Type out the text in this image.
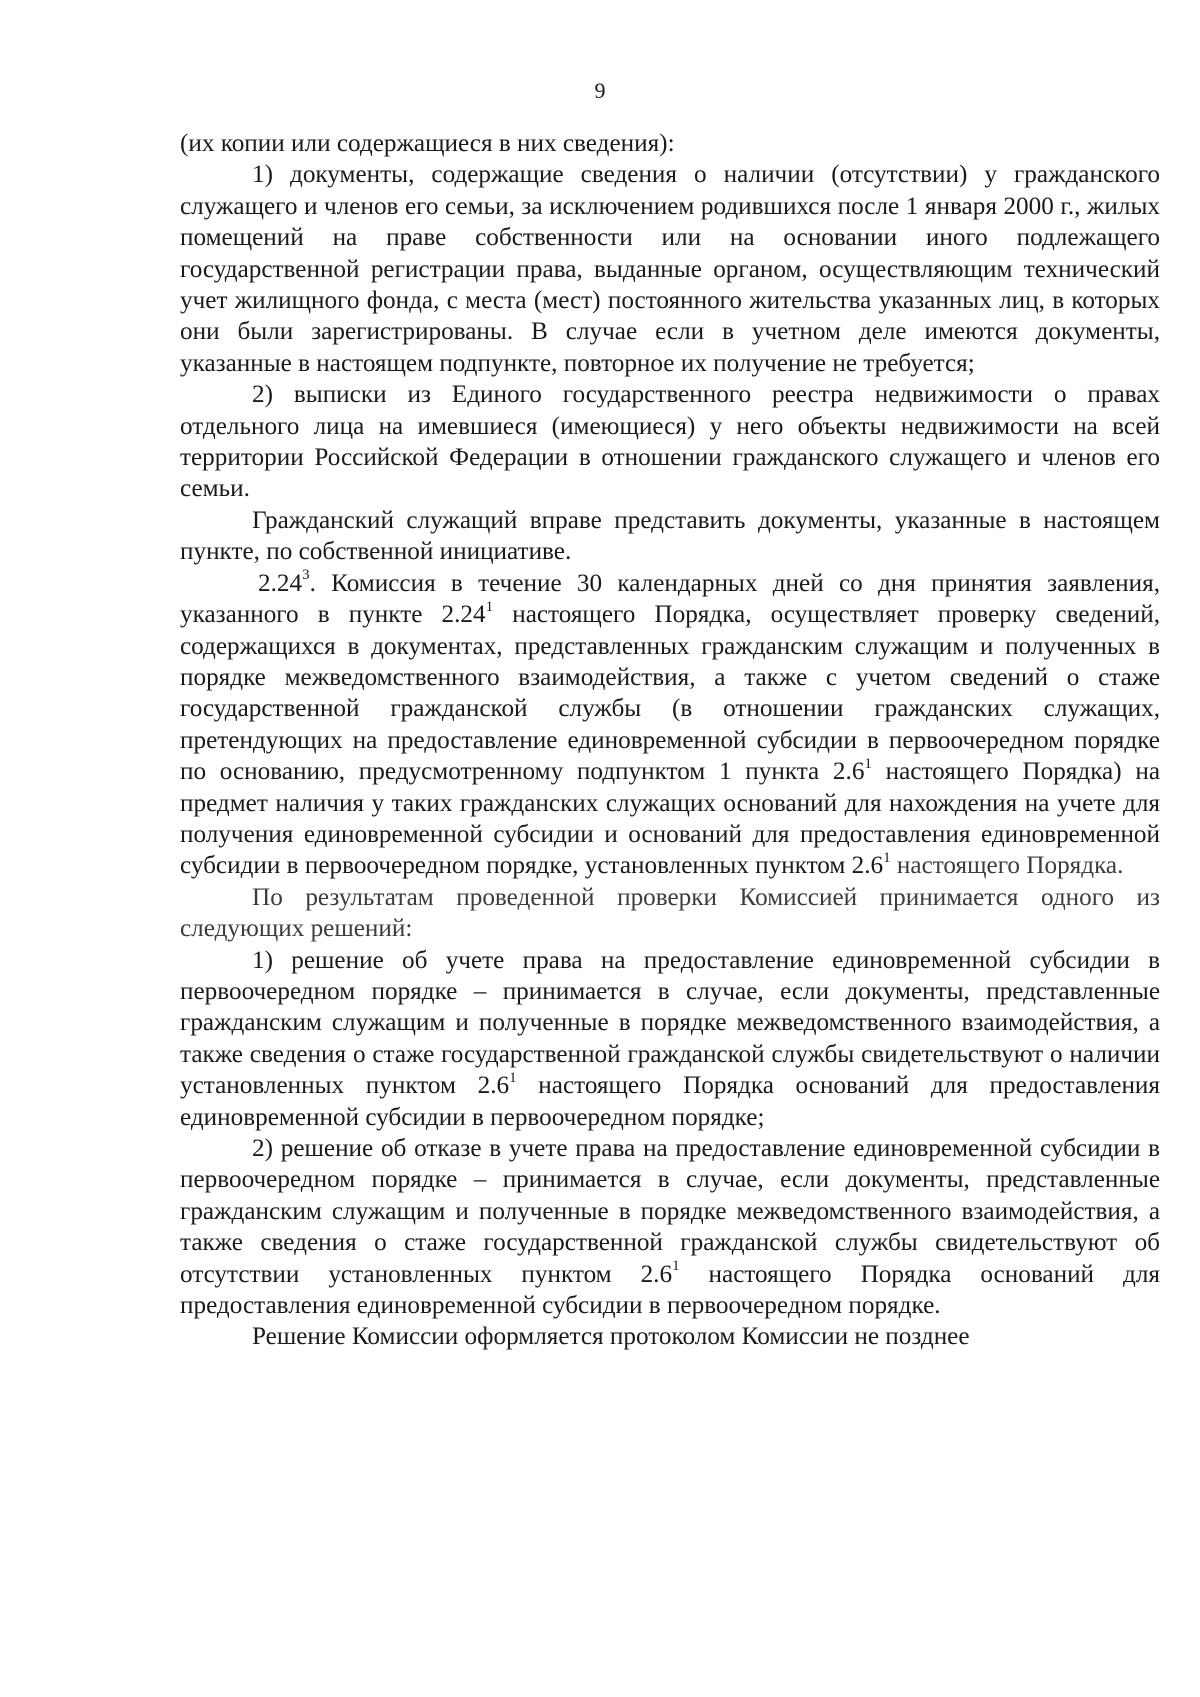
9

(их копии или содержащиеся в них сведения):

1) документы, содержащие сведения о наличии (отсутствии) у гражданского служащего и членов его семьи, за исключением родившихся после 1 января 2000 г., жилых помещений на праве собственности или на основании иного подлежащего государственной регистрации права, выданные органом, осуществляющим технический учет жилищного фонда, с места (мест) постоянного жительства указанных лиц, в которых они были зарегистрированы. В случае если в учетном деле имеются документы, указанные в настоящем подпункте, повторное их получение не требуется;

2) выписки из Единого государственного реестра недвижимости о правах отдельного лица на имевшиеся (имеющиеся) у него объекты недвижимости на всей территории Российской Федерации в отношении гражданского служащего и членов его семьи.

Гражданский служащий вправе представить документы, указанные в настоящем пункте, по собственной инициативе.

2.24$^3$. Комиссия в течение 30 календарных дней со дня принятия заявления, указанного в пункте 2.24$^1$ настоящего Порядка, осуществляет проверку сведений, содержащихся в документах, представленных гражданским служащим и полученных в порядке межведомственного взаимодействия, а также с учетом сведений о стаже государственной гражданской службы (в отношении гражданских служащих, претендующих на предоставление единовременной субсидии в первоочередном порядке по основанию, предусмотренному подпунктом 1 пункта $2.6^1$ настоящего Порядка) на предмет наличия у таких гражданских служащих оснований для нахождения на учете для получения единовременной субсидии и оснований для предоставления единовременной субсидии в первоочередном порядке, установленных пунктом $2.6^1$ настоящего Порядка.

По результатам проведенной проверки Комиссией принимается одного из следующих решений:

1) решение об учете права на предоставление единовременной субсидии в первоочередном порядке – принимается в случае, если документы, представленные гражданским служащим и полученные в порядке межведомственного взаимодействия, а также сведения о стаже государственной гражданской службы свидетельствуют о наличии установленных пунктом $2.6^1$ настоящего Порядка оснований для предоставления единовременной субсидии в первоочередном порядке;

2) решение об отказе в учете права на предоставление единовременной субсидии в первоочередном порядке – принимается в случае, если документы, представленные гражданским служащим и полученные в порядке межведомственного взаимодействия, а также сведения о стаже государственной гражданской службы свидетельствуют об отсутствии установленных пунктом $2.6^1$ настоящего Порядка оснований для предоставления единовременной субсидии в первоочередном порядке.

Решение Комиссии оформляется протоколом Комиссии не позднее
